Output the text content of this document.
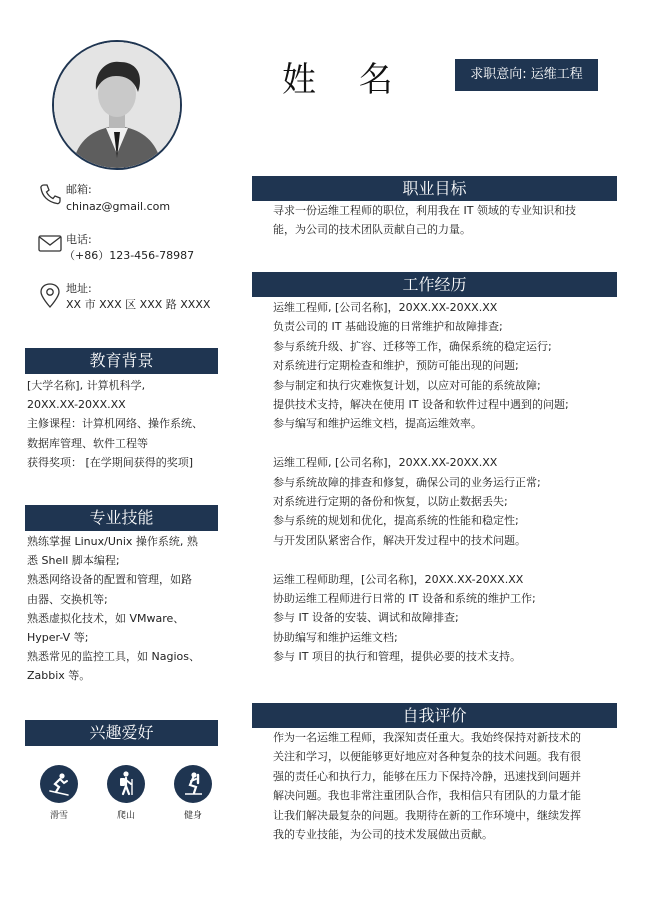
姓 名	求职意向: 运维工程
邮箱:
chinaz@gmail.com
电话:
（+86）123-456-78987
地址:
XX 市 XXX 区 XXX 路 XXXX
教育背景
[大学名称], 计算机科学,
20XX.XX-20XX.XX
主修课程：计算机网络、操作系统、
数据库管理、软件工程等
获得奖项： [在学期间获得的奖项]
专业技能
熟练掌握 Linux/Unix 操作系统, 熟
悉 Shell 脚本编程;
熟悉网络设备的配置和管理，如路
由器、交换机等;
熟悉虚拟化技术，如 VMware、
Hyper-V 等;
熟悉常见的监控工具，如 Nagios、
Zabbix 等。
兴趣爱好
滑雪	爬山	健身
职业目标
寻求一份运维工程师的职位，利用我在 IT 领域的专业知识和技
能，为公司的技术团队贡献自己的力量。
工作经历
运维工程师, [公司名称]，20XX.XX-20XX.XX
负责公司的 IT 基础设施的日常维护和故障排查;
参与系统升级、扩容、迁移等工作，确保系统的稳定运行;
对系统进行定期检查和维护，预防可能出现的问题;
参与制定和执行灾难恢复计划，以应对可能的系统故障;
提供技术支持，解决在使用 IT 设备和软件过程中遇到的问题;
参与编写和维护运维文档，提高运维效率。
运维工程师, [公司名称]，20XX.XX-20XX.XX
参与系统故障的排查和修复，确保公司的业务运行正常;
对系统进行定期的备份和恢复，以防止数据丢失;
参与系统的规划和优化，提高系统的性能和稳定性;
与开发团队紧密合作，解决开发过程中的技术问题。
运维工程师助理，[公司名称]，20XX.XX-20XX.XX
协助运维工程师进行日常的 IT 设备和系统的维护工作;
参与 IT 设备的安装、调试和故障排查;
协助编写和维护运维文档;
参与 IT 项目的执行和管理，提供必要的技术支持。
自我评价
作为一名运维工程师，我深知责任重大。我始终保持对新技术的
关注和学习，以便能够更好地应对各种复杂的技术问题。我有很
强的责任心和执行力，能够在压力下保持冷静，迅速找到问题并
解决问题。我也非常注重团队合作，我相信只有团队的力量才能
让我们解决最复杂的问题。我期待在新的工作环境中，继续发挥
我的专业技能，为公司的技术发展做出贡献。
